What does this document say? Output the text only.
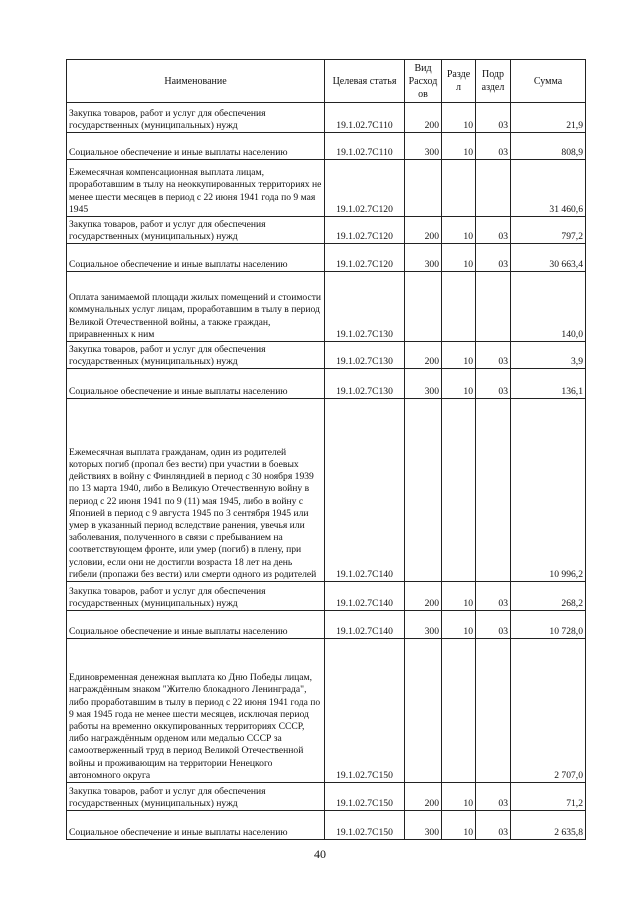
Наименование	Целевая статья	Вид Расход ов	Разде л	Подр аздел	Сумма
Закупка товаров, работ и услуг для обеспечения государственных (муниципальных) нужд	19.1.02.7С110	200	10	03	21,9
Социальное обеспечение и иные выплаты населению	19.1.02.7С110	300	10	03	808,9
Ежемесячная компенсационная выплата лицам, проработавшим в тылу на неоккупированных территориях не менее шести месяцев в период с 22 июня 1941 года по 9 мая 1945	19.1.02.7С120				31 460,6
Закупка товаров, работ и услуг для обеспечения государственных (муниципальных) нужд	19.1.02.7С120	200	10	03	797,2
Социальное обеспечение и иные выплаты населению	19.1.02.7С120	300	10	03	30 663,4
Оплата занимаемой площади жилых помещений и стоимости коммунальных услуг лицам, проработавшим в тылу в период Великой Отечественной войны, а также граждан, приравненных к ним	19.1.02.7С130				140,0
Закупка товаров, работ и услуг для обеспечения государственных (муниципальных) нужд	19.1.02.7С130	200	10	03	3,9
Социальное обеспечение и иные выплаты населению	19.1.02.7С130	300	10	03	136,1
Ежемесячная выплата гражданам, один из родителей которых погиб (пропал без вести) при участии в боевых действиях в войну с Финляндией в период с 30 ноября 1939 по 13 марта 1940, либо в Великую Отечественную войну в период с 22 июня 1941 по 9 (11) мая 1945, либо в войну с Японией в период с 9 августа 1945 по 3 сентября 1945 или умер в указанный период вследствие ранения, увечья или заболевания, полученного в связи с пребыванием на соответствующем фронте, или умер (погиб) в плену, при условии, если они не достигли возраста 18 лет на день гибели (пропажи без вести) или смерти одного из родителей	19.1.02.7С140				10 996,2
Закупка товаров, работ и услуг для обеспечения государственных (муниципальных) нужд	19.1.02.7С140	200	10	03	268,2
Социальное обеспечение и иные выплаты населению	19.1.02.7С140	300	10	03	10 728,0
Единовременная денежная выплата ко Дню Победы лицам, награждённым знаком "Жителю блокадного Ленинграда", либо проработавшим в тылу в период с 22 июня 1941 года по 9 мая 1945 года не менее шести месяцев, исключая период работы на временно оккупированных территориях СССР, либо награждённым орденом или медалью СССР за самоотверженный труд в период Великой Отечественной войны и проживающим на территории Ненецкого автономного округа	19.1.02.7С150				2 707,0
Закупка товаров, работ и услуг для обеспечения государственных (муниципальных) нужд	19.1.02.7С150	200	10	03	71,2
Социальное обеспечение и иные выплаты населению	19.1.02.7С150	300	10	03	2 635,8
40
